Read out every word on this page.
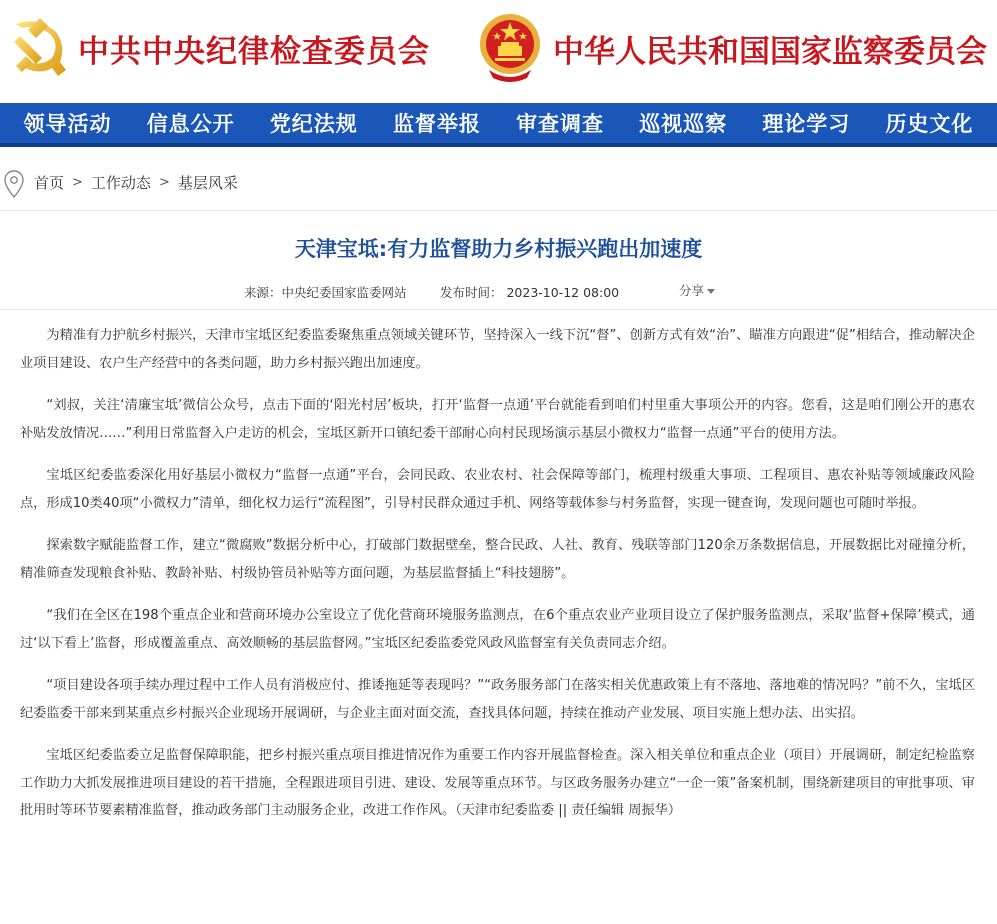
中共中央纪律检查委员会	中华人民共和国国家监察委员会
领导活动 信息公开 党纪法规 监督举报 审查调查 巡视巡察 理论学习 历史文化
首页 > 工作动态 > 基层风采
天津宝坻:有力监督助力乡村振兴跑出加速度
来源：中央纪委国家监委网站	发布时间： 2023-10-12 08:00	分享

为精准有力护航乡村振兴，天津市宝坻区纪委监委聚焦重点领域关键环节，坚持深入一线下沉“督”、创新方式有效“治”、瞄准方向跟进“促”相结合，推动解决企业项目建设、农户生产经营中的各类问题，助力乡村振兴跑出加速度。

“刘叔，关注‘清廉宝坻’微信公众号，点击下面的‘阳光村居’板块，打开‘监督一点通’平台就能看到咱们村里重大事项公开的内容。您看，这是咱们刚公开的惠农补贴发放情况……”利用日常监督入户走访的机会，宝坻区新开口镇纪委干部耐心向村民现场演示基层小微权力“监督一点通”平台的使用方法。

宝坻区纪委监委深化用好基层小微权力“监督一点通”平台，会同民政、农业农村、社会保障等部门，梳理村级重大事项、工程项目、惠农补贴等领域廉政风险点，形成10类40项“小微权力”清单，细化权力运行“流程图”，引导村民群众通过手机、网络等载体参与村务监督，实现一键查询，发现问题也可随时举报。

探索数字赋能监督工作，建立“微腐败”数据分析中心，打破部门数据壁垒，整合民政、人社、教育、残联等部门120余万条数据信息，开展数据比对碰撞分析，精准筛查发现粮食补贴、教龄补贴、村级协管员补贴等方面问题，为基层监督插上“科技翅膀”。

“我们在全区在198个重点企业和营商环境办公室设立了优化营商环境服务监测点，在6个重点农业产业项目设立了保护服务监测点，采取‘监督+保障’模式，通过‘以下看上’监督，形成覆盖重点、高效顺畅的基层监督网。”宝坻区纪委监委党风政风监督室有关负责同志介绍。

“项目建设各项手续办理过程中工作人员有消极应付、推诿拖延等表现吗？”“政务服务部门在落实相关优惠政策上有不落地、落地难的情况吗？”前不久，宝坻区纪委监委干部来到某重点乡村振兴企业现场开展调研，与企业主面对面交流，查找具体问题，持续在推动产业发展、项目实施上想办法、出实招。

宝坻区纪委监委立足监督保障职能，把乡村振兴重点项目推进情况作为重要工作内容开展监督检查。深入相关单位和重点企业（项目）开展调研，制定纪检监察工作助力大抓发展推进项目建设的若干措施，全程跟进项目引进、建设、发展等重点环节。与区政务服务办建立“一企一策”备案机制，围绕新建项目的审批事项、审批用时等环节要素精准监督，推动政务部门主动服务企业，改进工作作风。（天津市纪委监委 || 责任编辑 周振华）
